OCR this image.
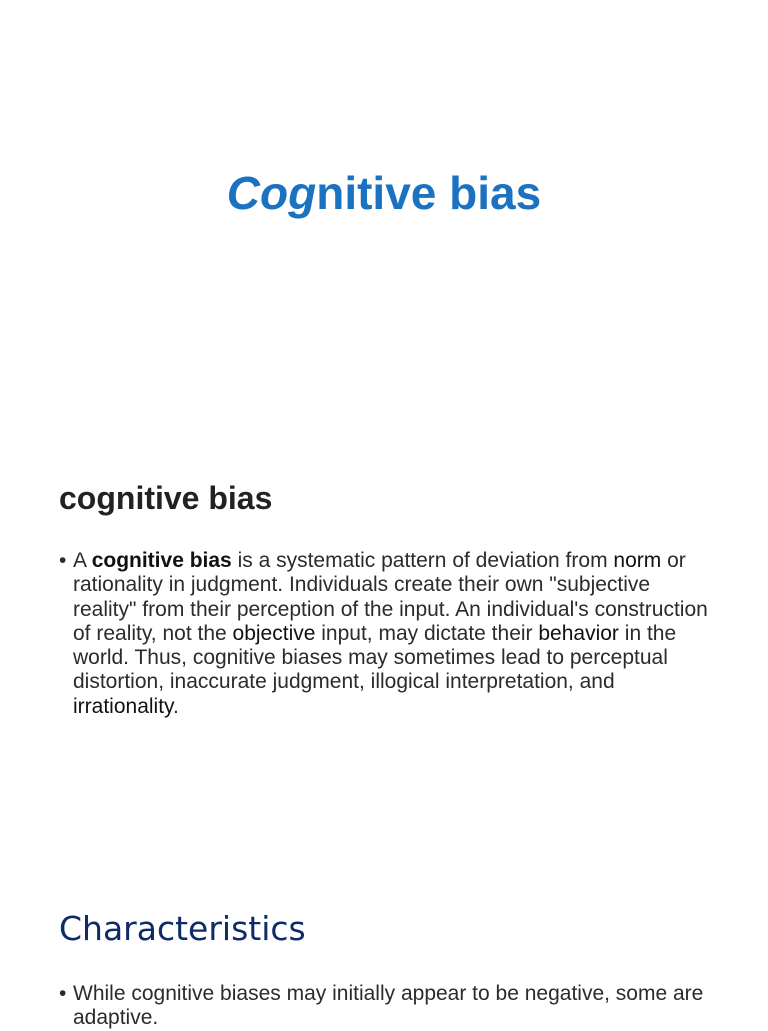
Cognitive bias
cognitive bias
• A cognitive bias is a systematic pattern of deviation from norm or rationality in judgment. Individuals create their own "subjective reality" from their perception of the input. An individual's construction of reality, not the objective input, may dictate their behavior in the world. Thus, cognitive biases may sometimes lead to perceptual distortion, inaccurate judgment, illogical interpretation, and irrationality.
Characteristics
• While cognitive biases may initially appear to be negative, some are adaptive.
